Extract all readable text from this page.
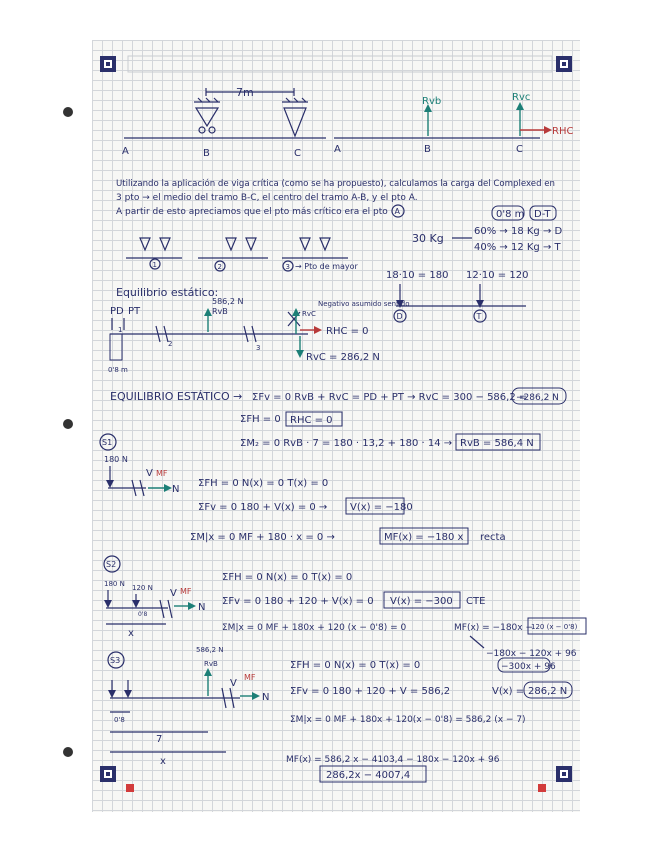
7m
A	B	C
Rvb	Rvc
RHC
A	B	C
Utilizando la aplicación de viga crítica (como se ha propuesto), calculamos la carga del Complexed en
3 pto → el medio del tramo B-C, el centro del tramo A-B, y el pto A.
A partir de esto apreciamos que el pto más crítico era el pto A
30 Kg
0'8 m D-T
60% → 18 Kg → D
40% → 12 Kg → T
1	2	3 → Pto de mayor
18·10 = 180 12·10 = 120
D	T
Equilibrio estático:
PD PT
0'8 m
586,2 N
RvB
2	3
1
Negativo asumido sentido
RvC
RHC = 0
RvC = 286,2 N
EQUILIBRIO ESTÁTICO → ΣFv = 0 RvB + RvC = PD + PT → RvC = 300 − 586,2 =
−286,2 N
ΣFH = 0 RHC = 0
ΣM₂ = 0 RvB · 7 = 180 · 13,2 + 180 · 14 → RvB = 586,4 N
S1
180 N
V MF
N
ΣFH = 0 N(x) = 0 T(x) = 0
ΣFv = 0 180 + V(x) = 0 → V(x) = −180
ΣM|x = 0 MF + 180 · x = 0 →	MF(x) = −180 x recta
S2
180 N 120 N
0'8
x
V MF
N
ΣFH = 0 N(x) = 0 T(x) = 0
ΣFv = 0 180 + 120 + V(x) = 0 V(x) = −300 CTE
ΣM|x = 0 MF + 180x + 120 (x − 0'8) = 0	MF(x) = −180x −
120 (x − 0'8)
−180x − 120x + 96
−300x + 96
S3
586,2 N
RvB
V
MF
N
0'8
7
x
ΣFH = 0 N(x) = 0 T(x) = 0
ΣFv = 0 180 + 120 + V = 586,2	V(x) = 286,2 N
ΣM|x = 0 MF + 180x + 120(x − 0'8) = 586,2 (x − 7)
MF(x) = 586,2 x − 4103,4 − 180x − 120x + 96
286,2x − 4007,4
